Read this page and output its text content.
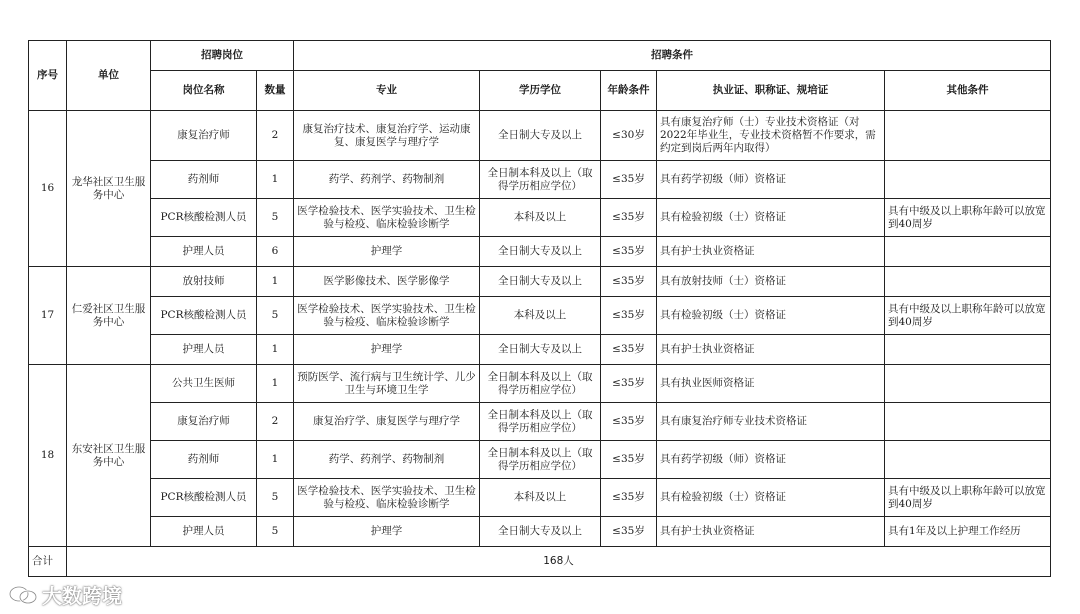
序号	单位	招聘岗位		招聘条件				
		岗位名称	数量	专业	学历学位	年龄条件	执业证、职称证、规培证	其他条件
16	龙华社区卫生服务中心	康复治疗师	2	康复治疗技术、康复治疗学、运动康复、康复医学与理疗学	全日制大专及以上	≤30岁	具有康复治疗师（士）专业技术资格证（对2022年毕业生，专业技术资格暂不作要求，需约定到岗后两年内取得）	
		药剂师	1	药学、药剂学、药物制剂	全日制本科及以上（取得学历相应学位）	≤35岁	具有药学初级（师）资格证	
		PCR核酸检测人员	5	医学检验技术、医学实验技术、卫生检验与检疫、临床检验诊断学	本科及以上	≤35岁	具有检验初级（士）资格证	具有中级及以上职称年龄可以放宽到40周岁
		护理人员	6	护理学	全日制大专及以上	≤35岁	具有护士执业资格证	
17	仁爱社区卫生服务中心	放射技师	1	医学影像技术、医学影像学	全日制大专及以上	≤35岁	具有放射技师（士）资格证	
		PCR核酸检测人员	5	医学检验技术、医学实验技术、卫生检验与检疫、临床检验诊断学	本科及以上	≤35岁	具有检验初级（士）资格证	具有中级及以上职称年龄可以放宽到40周岁
		护理人员	1	护理学	全日制大专及以上	≤35岁	具有护士执业资格证	
18	东安社区卫生服务中心	公共卫生医师	1	预防医学、流行病与卫生统计学、儿少卫生与环境卫生学	全日制本科及以上（取得学历相应学位）	≤35岁	具有执业医师资格证	
		康复治疗师	2	康复治疗学、康复医学与理疗学	全日制本科及以上（取得学历相应学位）	≤35岁	具有康复治疗师专业技术资格证	
		药剂师	1	药学、药剂学、药物制剂	全日制本科及以上（取得学历相应学位）	≤35岁	具有药学初级（师）资格证	
		PCR核酸检测人员	5	医学检验技术、医学实验技术、卫生检验与检疫、临床检验诊断学	本科及以上	≤35岁	具有检验初级（士）资格证	具有中级及以上职称年龄可以放宽到40周岁
		护理人员	5	护理学	全日制大专及以上	≤35岁	具有护士执业资格证	具有1年及以上护理工作经历
合计	168人							
大数跨境
